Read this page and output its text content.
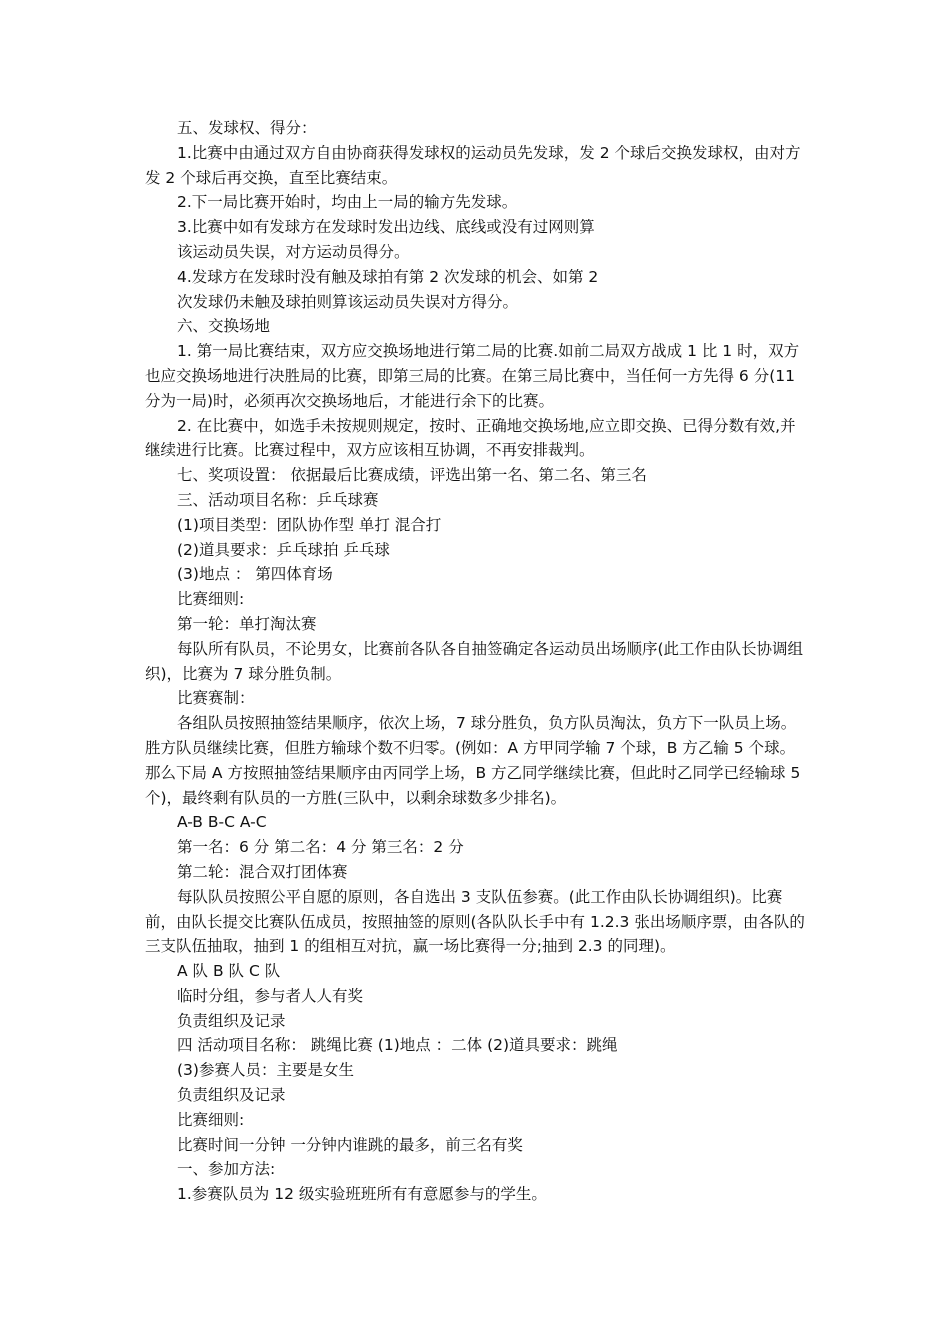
五、发球权、得分：

1.比赛中由通过双方自由协商获得发球权的运动员先发球，发 2 个球后交换发球权，由对方发 2 个球后再交换，直至比赛结束。

2.下一局比赛开始时，均由上一局的输方先发球。

3.比赛中如有发球方在发球时发出边线、底线或没有过网则算

该运动员失误，对方运动员得分。

4.发球方在发球时没有触及球拍有第 2 次发球的机会、如第 2

次发球仍未触及球拍则算该运动员失误对方得分。

六、交换场地

1. 第一局比赛结束，双方应交换场地进行第二局的比赛.如前二局双方战成 1 比 1 时，双方也应交换场地进行决胜局的比赛，即第三局的比赛。在第三局比赛中，当任何一方先得 6 分(11 分为一局)时，必须再次交换场地后，才能进行余下的比赛。

2. 在比赛中，如选手未按规则规定，按时、正确地交换场地,应立即交换、已得分数有效,并继续进行比赛。比赛过程中，双方应该相互协调，不再安排裁判。

七、奖项设置： 依据最后比赛成绩，评选出第一名、第二名、第三名

三、活动项目名称：乒乓球赛

(1)项目类型：团队协作型 单打 混合打

(2)道具要求：乒乓球拍 乒乓球

(3)地点 ： 第四体育场

比赛细则:

第一轮：单打淘汰赛

每队所有队员，不论男女，比赛前各队各自抽签确定各运动员出场顺序(此工作由队长协调组织)，比赛为 7 球分胜负制。

比赛赛制：

各组队员按照抽签结果顺序，依次上场，7 球分胜负，负方队员淘汰，负方下一队员上场。胜方队员继续比赛，但胜方输球个数不归零。(例如：A 方甲同学输 7 个球，B 方乙输 5 个球。那么下局 A 方按照抽签结果顺序由丙同学上场，B 方乙同学继续比赛，但此时乙同学已经输球 5 个)，最终剩有队员的一方胜(三队中，以剩余球数多少排名)。

A-B B-C A-C

第一名：6 分 第二名：4 分 第三名：2 分

第二轮：混合双打团体赛

每队队员按照公平自愿的原则，各自选出 3 支队伍参赛。(此工作由队长协调组织)。比赛前，由队长提交比赛队伍成员，按照抽签的原则(各队队长手中有 1.2.3 张出场顺序票，由各队的三支队伍抽取，抽到 1 的组相互对抗，赢一场比赛得一分;抽到 2.3 的同理)。

A 队 B 队 C 队

临时分组，参与者人人有奖

负责组织及记录

四 活动项目名称： 跳绳比赛 (1)地点 ：二体 (2)道具要求：跳绳

(3)参赛人员：主要是女生

负责组织及记录

比赛细则:

比赛时间一分钟 一分钟内谁跳的最多，前三名有奖

一、参加方法:

1.参赛队员为 12 级实验班班所有有意愿参与的学生。
